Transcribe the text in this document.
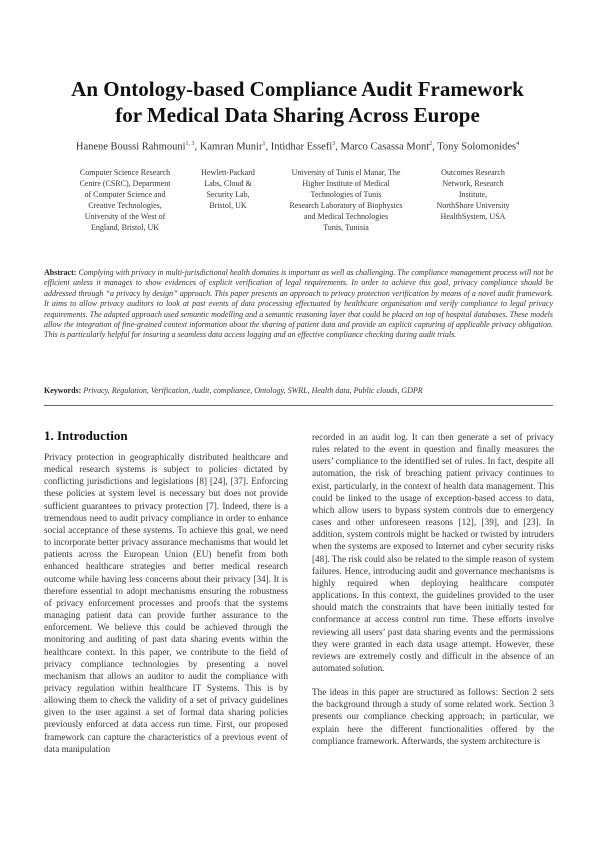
An Ontology-based Compliance Audit Framework
for Medical Data Sharing Across Europe
Hanene Boussi Rahmouni$^{1, 3}$, Kamran Munir$^1$, Intidhar Essefi$^3$, Marco Casassa Mont$^2$, Tony Solomonides$^4$
Computer Science Research
Centre (CSRC), Department
of Computer Science and
Creative Technologies,
University of the West of
England, Bristol, UK
Hewlett-Packard
Labs, Cloud &
Security Lab,
Bristol, UK
University of Tunis el Manar, The
Higher Institute of Medical
Technologies of Tunis
Research Laboratory of Biophysics
and Medical Technologies
Tunis, Tunisia
Outcomes Research
Network, Research
Institute,
NorthShore University
HealthSystem, USA
Abstract: Complying with privacy in multi-jurisdictional health domains is important as well as challenging. The compliance management process will not be efficient unless it manages to show evidences of explicit verification of legal requirements. In order to achieve this goal, privacy compliance should be addressed through “a privacy by design” approach. This paper presents an approach to privacy protection verification by means of a novel audit framework. It aims to allow privacy auditors to look at past events of data processing effectuated by healthcare organisation and verify compliance to legal privacy requirements. The adapted approach used semantic modelling and a semantic reasoning layer that could be placed on top of hospital databases. These models allow the integration of fine-grained context information about the sharing of patient data and provide an explicit capturing of applicable privacy obligation. This is particularly helpful for insuring a seamless data access logging and an effective compliance checking during audit trials.
Keywords: Privacy, Regulation, Verification, Audit, compliance, Ontology, SWRL, Health data, Public clouds, GDPR
1. Introduction

Privacy protection in geographically distributed healthcare and medical research systems is subject to policies dictated by conflicting jurisdictions and legislations [8] [24], [37]. Enforcing these policies at system level is necessary but does not provide sufficient guarantees to privacy protection [7]. Indeed, there is a tremendous need to audit privacy compliance in order to enhance social acceptance of these systems. To achieve this goal, we need to incorporate better privacy assurance mechanisms that would let patients across the European Union (EU) benefit from both enhanced healthcare strategies and better medical research outcome while having less concerns about their privacy [34]. It is therefore essential to adopt mechanisms ensuring the robustness of privacy enforcement processes and proofs that the systems managing patient data can provide further assurance to the enforcement. We believe this could be achieved through the monitoring and auditing of past data sharing events within the healthcare context. In this paper, we contribute to the field of privacy compliance technologies by presenting a novel mechanism that allows an auditor to audit the compliance with privacy regulation within healthcare IT Systems. This is by allowing them to check the validity of a set of privacy guidelines given to the user against a set of formal data sharing policies previously enforced at data access run time. First, our proposed framework can capture the characteristics of a previous event of data manipulation

recorded in an audit log. It can then generate a set of privacy rules related to the event in question and finally measures the users’ compliance to the identified set of rules. In fact, despite all automation, the risk of breaching patient privacy continues to exist, particularly, in the context of health data management. This could be linked to the usage of exception-based access to data, which allow users to bypass system controls due to emergency cases and other unforeseen reasons [12], [39], and [23]. In addition, system controls might be hacked or twisted by intruders when the systems are exposed to Internet and cyber security risks [48]. The risk could also be related to the simple reason of system failures. Hence, introducing audit and governance mechanisms is highly required when deploying healthcare computer applications. In this context, the guidelines provided to the user should match the constraints that have been initially tested for conformance at access control run time. These efforts involve reviewing all users’ past data sharing events and the permissions they were granted in each data usage attempt. However, these reviews are extremely costly and difficult in the absence of an automated solution.

The ideas in this paper are structured as follows: Section 2 sets the background through a study of some related work. Section 3 presents our compliance checking approach; in particular, we explain here the different functionalities offered by the compliance framework. Afterwards, the system architecture is
